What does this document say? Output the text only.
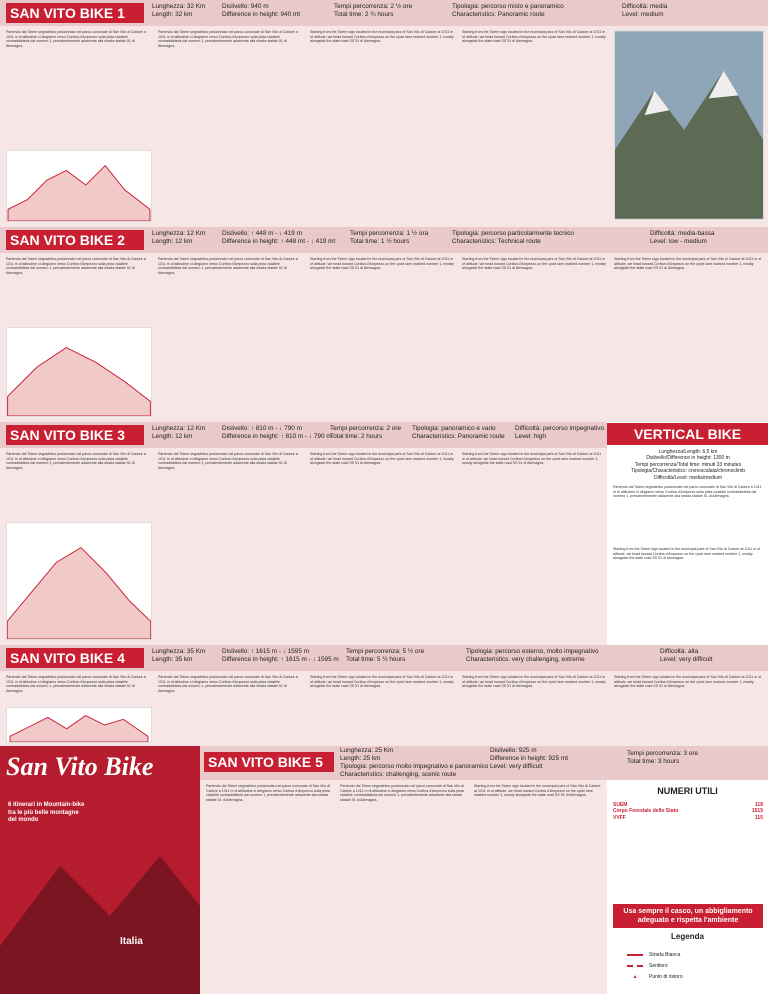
SAN VITO BIKE 1	Lunghezza: 32 Km
Length: 32 km
Dislivello: 940 m
Difference in height: 940 mt
Tempi percorrenza: 2 ½ ore
Total time: 2 ¾ hours
Tipologia: percorso misto e panoramico
Characteristics: Panoramic route
Difficoltà: media
Level: medium
Partendo dal Totem segnaletico posizionato nel parco comunale di San Vito di Cadore a 1011 m di altitudine ci dirigiamo verso Cortina d'Ampezzo sulla pista ciclabile contraddistinta dal numero 1, prevalentemente adiacente alla strada statale 51 di Alemagna.
Partendo dal Totem segnaletico posizionato nel parco comunale di San Vito di Cadore a 1011 m di altitudine ci dirigiamo verso Cortina d'Ampezzo sulla pista ciclabile contraddistinta dal numero 1, prevalentemente adiacente alla strada statale 51 di Alemagna.
Starting from the Totem sign located in the municipal park of San Vito di Cadore at 1011 m of altitude, we head toward Cortina d'Ampezzo on the cycle lane marked number 1, mostly alongside the state road SS 51 di Alemagna.
Starting from the Totem sign located in the municipal park of San Vito di Cadore at 1011 m of altitude, we head toward Cortina d'Ampezzo on the cycle lane marked number 1, mostly alongside the state road SS 51 di Alemagna.
SAN VITO BIKE 2	Lunghezza: 12 Km
Length: 12 km
Dislivello: ↑ 448 m - ↓ 419 m
Difference in height: ↑ 448 mt - ↓ 419 mt
Tempi percorrenza: 1 ½ ora
Total time: 1 ½ hours
Tipologia: percorso particolarmente tecnico
Characteristics: Technical route
Difficoltà: media-bassa
Level: low - medium
Partendo dal Totem segnaletico posizionato nel parco comunale di San Vito di Cadore a 1011 m di altitudine ci dirigiamo verso Cortina d'Ampezzo sulla pista ciclabile contraddistinta dal numero 1, prevalentemente adiacente alla strada statale 51 di Alemagna.
Partendo dal Totem segnaletico posizionato nel parco comunale di San Vito di Cadore a 1011 m di altitudine ci dirigiamo verso Cortina d'Ampezzo sulla pista ciclabile contraddistinta dal numero 1, prevalentemente adiacente alla strada statale 51 di Alemagna.
Starting from the Totem sign located in the municipal park of San Vito di Cadore at 1011 m of altitude, we head toward Cortina d'Ampezzo on the cycle lane marked number 1, mostly alongside the state road SS 51 di Alemagna.
Starting from the Totem sign located in the municipal park of San Vito di Cadore at 1011 m of altitude, we head toward Cortina d'Ampezzo on the cycle lane marked number 1, mostly alongside the state road SS 51 di Alemagna.
Starting from the Totem sign located in the municipal park of San Vito di Cadore at 1011 m of altitude, we head toward Cortina d'Ampezzo on the cycle lane marked number 1, mostly alongside the state road SS 51 di Alemagna.
SAN VITO BIKE 3	Lunghezza: 12 Km
Length: 12 km
Dislivello: ↑ 810 m - ↓ 790 m
Difference in height: ↑ 810 m - ↓ 790 m
Tempi percorrenza: 2 ore
Total time: 2 hours
Tipologia: panoramico e vario
Characteristics: Panoramic route
Difficoltà: percorso impegnativo
Level: high
Partendo dal Totem segnaletico posizionato nel parco comunale di San Vito di Cadore a 1011 m di altitudine ci dirigiamo verso Cortina d'Ampezzo sulla pista ciclabile contraddistinta dal numero 1, prevalentemente adiacente alla strada statale 51 di Alemagna.
Partendo dal Totem segnaletico posizionato nel parco comunale di San Vito di Cadore a 1011 m di altitudine ci dirigiamo verso Cortina d'Ampezzo sulla pista ciclabile contraddistinta dal numero 1, prevalentemente adiacente alla strada statale 51 di Alemagna.
Starting from the Totem sign located in the municipal park of San Vito di Cadore at 1011 m of altitude, we head toward Cortina d'Ampezzo on the cycle lane marked number 1, mostly alongside the state road SS 51 di Alemagna.
Starting from the Totem sign located in the municipal park of San Vito di Cadore at 1011 m of altitude, we head toward Cortina d'Ampezzo on the cycle lane marked number 1, mostly alongside the state road SS 51 di Alemagna.
VERTICAL BIKE
Lunghezza/Length: 6,5 km
Dislivello/Difference in height: 1300 m
Tempi percorrenza/Total time: minuti 33 minutes
Tipologia/Characteristics: cronoscalata/chronoclimb
Difficoltà/Level: media/medium
Partendo dal Totem segnaletico posizionato nel parco comunale di San Vito di Cadore a 1011 m di altitudine ci dirigiamo verso Cortina d'Ampezzo sulla pista ciclabile contraddistinta dal numero 1, prevalentemente adiacente alla strada statale 51 di Alemagna.
Starting from the Totem sign located in the municipal park of San Vito di Cadore at 1011 m of altitude, we head toward Cortina d'Ampezzo on the cycle lane marked number 1, mostly alongside the state road SS 51 di Alemagna.
SAN VITO BIKE 4	Lunghezza: 35 Km
Length: 35 km
Dislivello: ↑ 1615 m - ↓ 1595 m
Difference in height: ↑ 1615 m - ↓ 1595 m
Tempi percorrenza: 5 ½ ore
Total time: 5 ½ hours
Tipologia: percorso esterno, molto impegnativo
Characteristics: very challenging, extreme
Difficoltà: alta
Level: very difficult
Partendo dal Totem segnaletico posizionato nel parco comunale di San Vito di Cadore a 1011 m di altitudine ci dirigiamo verso Cortina d'Ampezzo sulla pista ciclabile contraddistinta dal numero 1, prevalentemente adiacente alla strada statale 51 di Alemagna.
Partendo dal Totem segnaletico posizionato nel parco comunale di San Vito di Cadore a 1011 m di altitudine ci dirigiamo verso Cortina d'Ampezzo sulla pista ciclabile contraddistinta dal numero 1, prevalentemente adiacente alla strada statale 51 di Alemagna.
Starting from the Totem sign located in the municipal park of San Vito di Cadore at 1011 m of altitude, we head toward Cortina d'Ampezzo on the cycle lane marked number 1, mostly alongside the state road SS 51 di Alemagna.
Starting from the Totem sign located in the municipal park of San Vito di Cadore at 1011 m of altitude, we head toward Cortina d'Ampezzo on the cycle lane marked number 1, mostly alongside the state road SS 51 di Alemagna.
Starting from the Totem sign located in the municipal park of San Vito di Cadore at 1011 m of altitude, we head toward Cortina d'Ampezzo on the cycle lane marked number 1, mostly alongside the state road SS 51 di Alemagna.
San Vito Bike
6 itinerari in Mountain-bike tra le più belle montagne del mondo
Italia
SAN VITO BIKE 5
Lunghezza: 25 Km
Length: 25 km
Tipologia: percorso molto impegnativo e panoramico
Characteristics: challenging, scenic route
Dislivello: 925 m
Difference in height: 925 mt
Level: very difficult
Partendo dal Totem segnaletico posizionato nel parco comunale di San Vito di Cadore a 1011 m di altitudine ci dirigiamo verso Cortina d'Ampezzo sulla pista ciclabile contraddistinta dal numero 1, prevalentemente adiacente alla strada statale 51 di Alemagna.
Partendo dal Totem segnaletico posizionato nel parco comunale di San Vito di Cadore a 1011 m di altitudine ci dirigiamo verso Cortina d'Ampezzo sulla pista ciclabile contraddistinta dal numero 1, prevalentemente adiacente alla strada statale 51 di Alemagna.
Starting from the Totem sign located in the municipal park of San Vito di Cadore at 1011 m of altitude, we head toward Cortina d'Ampezzo on the cycle lane marked number 1, mostly alongside the state road SS 51 di Alemagna.
Tempi percorrenza: 3 ore
Total time: 3 hours
NUMERI UTILI
SUEM	118
Corpo Forestale dello Stato	1515
VVFF	115
Usa sempre il casco, un abbigliamento adeguato e rispetta l'ambiente
Legenda
Strada Bianca
Sentiero
▲ Punto di ristoro
